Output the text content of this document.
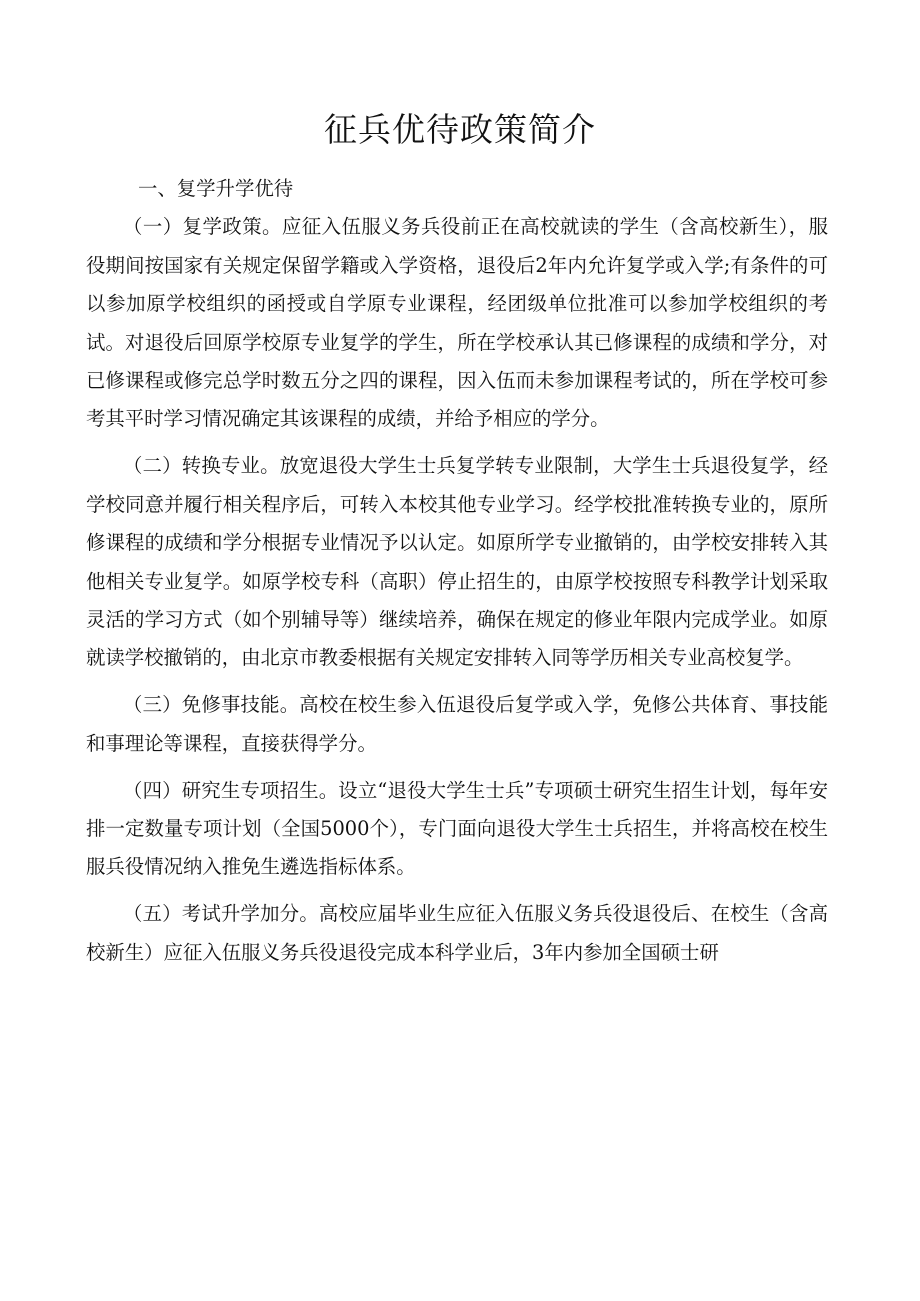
征兵优待政策简介

一、复学升学优待

（一）复学政策。应征入伍服义务兵役前正在高校就读的学生（含高校新生），服役期间按国家有关规定保留学籍或入学资格，退役后2年内允许复学或入学;有条件的可以参加原学校组织的函授或自学原专业课程，经团级单位批准可以参加学校组织的考试。对退役后回原学校原专业复学的学生，所在学校承认其已修课程的成绩和学分，对已修课程或修完总学时数五分之四的课程，因入伍而未参加课程考试的，所在学校可参考其平时学习情况确定其该课程的成绩，并给予相应的学分。

（二）转换专业。放宽退役大学生士兵复学转专业限制，大学生士兵退役复学，经学校同意并履行相关程序后，可转入本校其他专业学习。经学校批准转换专业的，原所修课程的成绩和学分根据专业情况予以认定。如原所学专业撤销的，由学校安排转入其他相关专业复学。如原学校专科（高职）停止招生的，由原学校按照专科教学计划采取灵活的学习方式（如个别辅导等）继续培养，确保在规定的修业年限内完成学业。如原就读学校撤销的，由北京市教委根据有关规定安排转入同等学历相关专业高校复学。

（三）免修事技能。高校在校生参入伍退役后复学或入学，免修公共体育、事技能和事理论等课程，直接获得学分。

（四）研究生专项招生。设立“退役大学生士兵”专项硕士研究生招生计划，每年安排一定数量专项计划（全国5000个），专门面向退役大学生士兵招生，并将高校在校生服兵役情况纳入推免生遴选指标体系。

（五）考试升学加分。高校应届毕业生应征入伍服义务兵役退役后、在校生（含高校新生）应征入伍服义务兵役退役完成本科学业后，3年内参加全国硕士研
